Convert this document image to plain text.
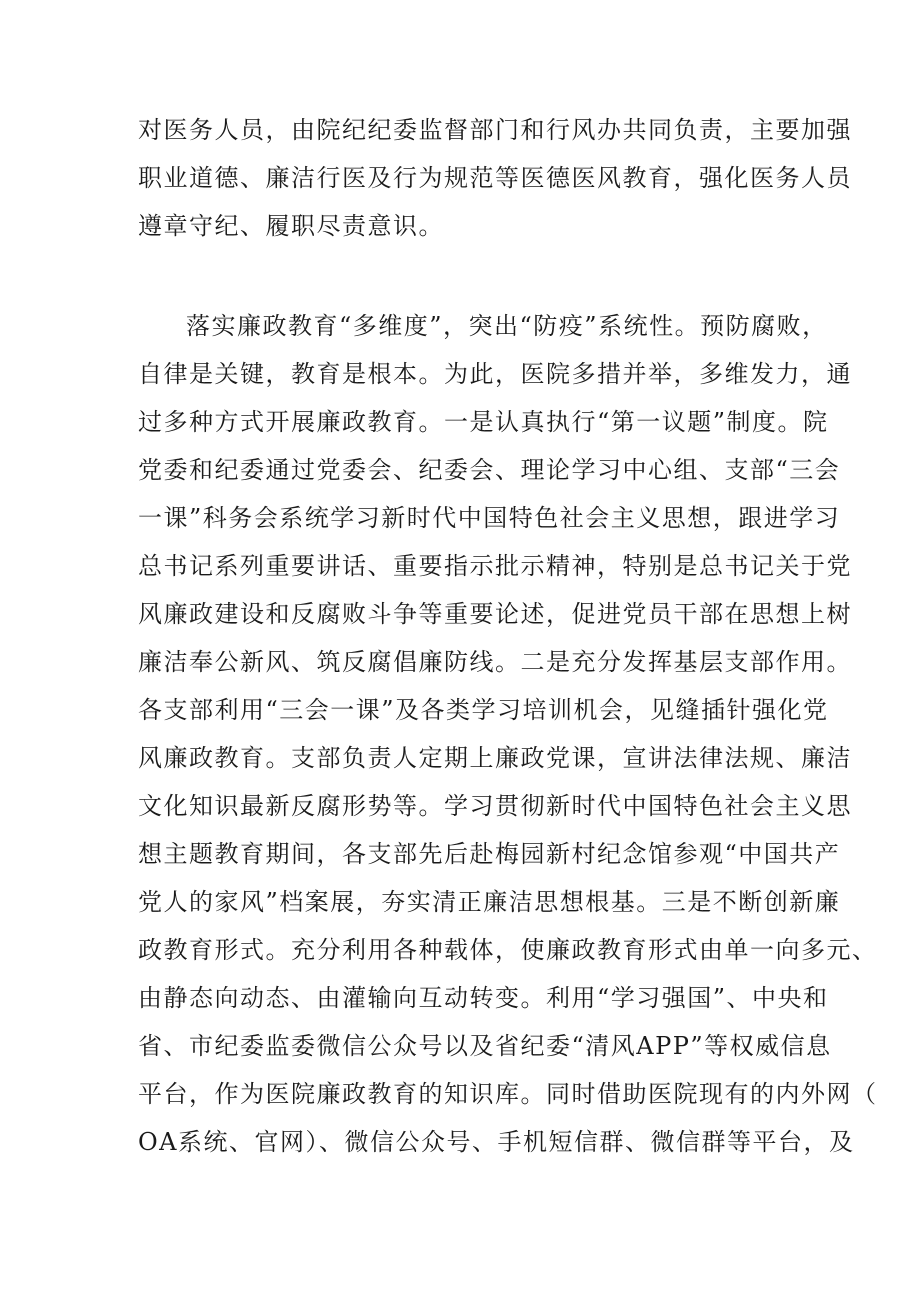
对医务人员，由院纪纪委监督部门和行风办共同负责，主要加强
职业道德、廉洁行医及行为规范等医德医风教育，强化医务人员
遵章守纪、履职尽责意识。
落实廉政教育“多维度”，突出“防疫”系统性。预防腐败，
自律是关键，教育是根本。为此，医院多措并举，多维发力，通
过多种方式开展廉政教育。一是认真执行“第一议题”制度。院
党委和纪委通过党委会、纪委会、理论学习中心组、支部“三会
一课”科务会系统学习新时代中国特色社会主义思想，跟进学习
总书记系列重要讲话、重要指示批示精神，特别是总书记关于党
风廉政建设和反腐败斗争等重要论述，促进党员干部在思想上树
廉洁奉公新风、筑反腐倡廉防线。二是充分发挥基层支部作用。
各支部利用“三会一课”及各类学习培训机会，见缝插针强化党
风廉政教育。支部负责人定期上廉政党课，宣讲法律法规、廉洁
文化知识最新反腐形势等。学习贯彻新时代中国特色社会主义思
想主题教育期间，各支部先后赴梅园新村纪念馆参观“中国共产
党人的家风”档案展，夯实清正廉洁思想根基。三是不断创新廉
政教育形式。充分利用各种载体，使廉政教育形式由单一向多元、
由静态向动态、由灌输向互动转变。利用“学习强国”、中央和
省、市纪委监委微信公众号以及省纪委“清风APP”等权威信息
平台，作为医院廉政教育的知识库。同时借助医院现有的内外网（
OA系统、官网）、微信公众号、手机短信群、微信群等平台，及
